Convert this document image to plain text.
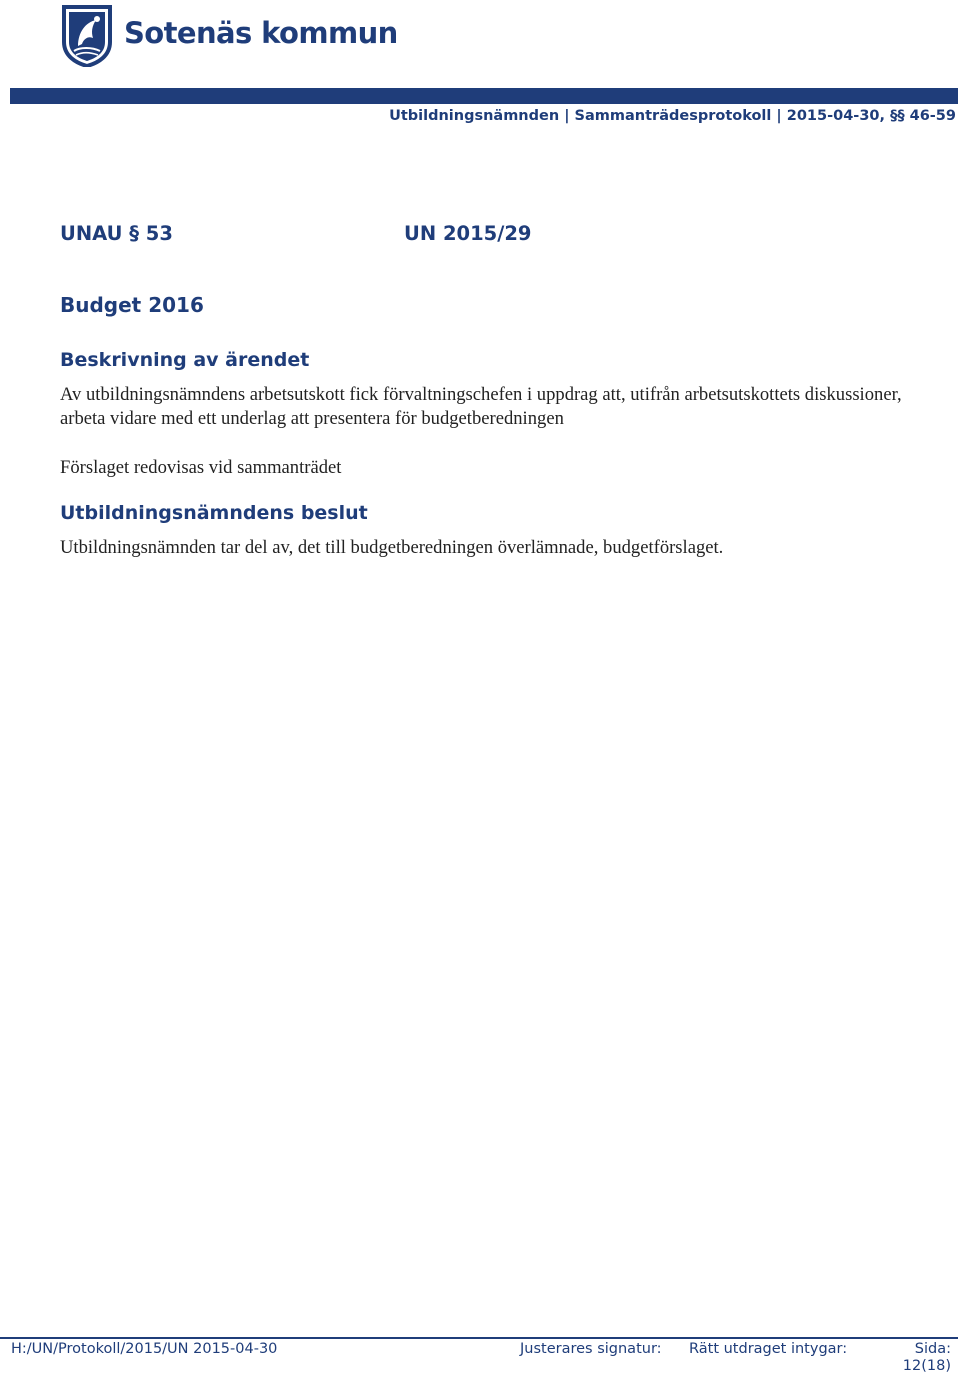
Sotenäs kommun
Utbildningsnämnden | Sammanträdesprotokoll | 2015-04-30, §§ 46-59
UNAU § 53	UN 2015/29
Budget 2016
Beskrivning av ärendet
Av utbildningsnämndens arbetsutskott fick förvaltningschefen i uppdrag att, utifrån arbetsutskottets diskussioner, arbeta vidare med ett underlag att presentera för budgetberedningen
Förslaget redovisas vid sammanträdet
Utbildningsnämndens beslut
Utbildningsnämnden tar del av, det till budgetberedningen överlämnade, budgetförslaget.
H:/UN/Protokoll/2015/UN 2015-04-30	Justerares signatur: Rätt utdraget intygar:	Sida:
12(18)
